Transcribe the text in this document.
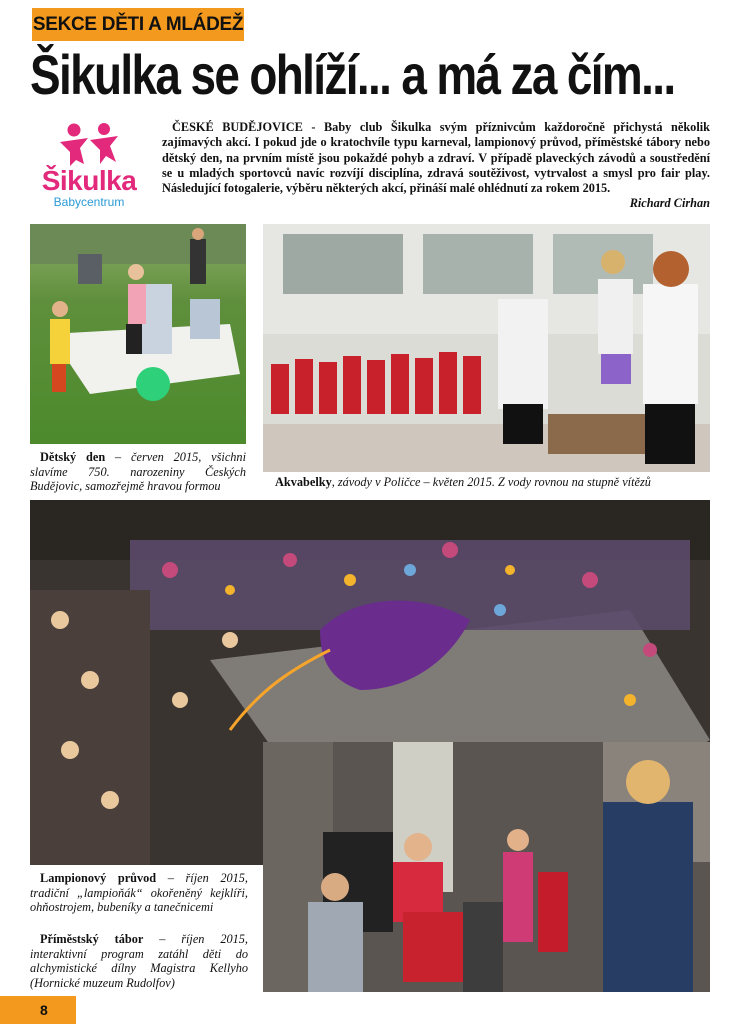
SEKCE DĚTI A MLÁDEŽ
Šikulka se ohlíží... a má za čím...
Šikulka
Babycentrum
ČESKÉ BUDĚJOVICE - Baby club Šikulka svým příznivcům každoročně přichystá několik zajímavých akcí. I pokud jde o kratochvíle typu karneval, lampionový průvod, příměstské tábory nebo dětský den, na prvním místě jsou pokaždé pohyb a zdraví. V případě plaveckých závodů a soustředění se u mladých sportovců navíc rozvíjí disciplína, zdravá soutěživost, vytrvalost a smysl pro fair play. Následující fotogalerie, výběru některých akcí, přináší malé ohlédnutí za rokem 2015.
Richard Cirhan
Dětský den – červen 2015, všichni slavíme 750. narozeniny Českých Budějovic, samozřejmě hravou formou	Akvabelky, závody v Poličce – květen 2015. Z vody rovnou na stupně vítězů
Lampionový průvod – říjen 2015, tradiční „lampioňák“ okořeněný kejklíři, ohňostrojem, bubeníky a tanečnicemi
Příměstský tábor – říjen 2015, interaktivní program zatáhl děti do alchymistické dílny Magistra Kellyho (Hornické muzeum Rudolfov)
8
